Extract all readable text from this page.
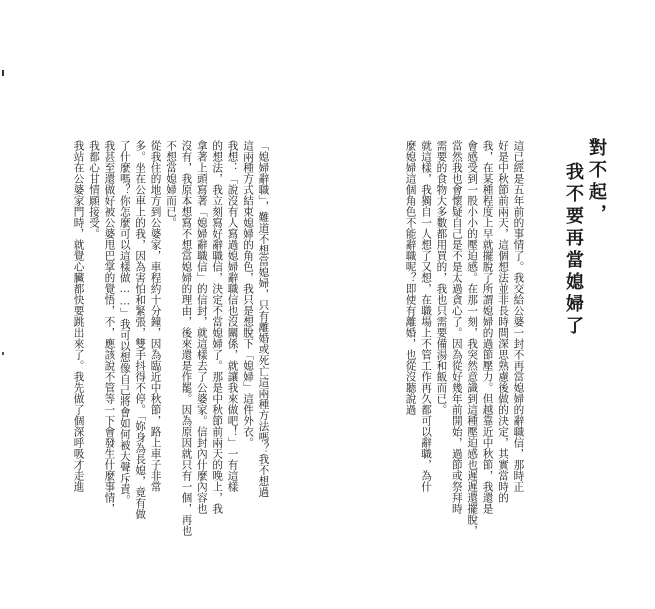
對不起，
我不要再當媳婦了
這已經是五年前的事情了。我交給公婆一封不再當媳婦的辭職信，那時正
好是中秋節前兩天，這個想法並非長時間深思熟慮後做的決定，其實當時的
我，在某種程度上早就擺脫了所謂媳婦的過節壓力。但越靠近中秋節，我還是
會感受到一股小小的壓迫感。在那一刻，我突然意識到這種壓迫感也遲遲還擺脫，
當然我也會懷疑自己是不是太過貪心了。因為從好幾年前開始，過節或祭拜時
需要的食物大多數都用買的，我也只需要備湯和飯而已。
就這樣，我獨自一人想了又想，在職場上不管工作再久都可以辭職，為什
麼媳婦這個角色不能辭職呢？即使有離婚，也從沒聽說過
「媳婦辭職」，難道不想當媳婦，只有離婚或死亡這兩種方法嗎？我不想過
這兩種方式結束媳婦的角色，我只是想脫下「媳婦」這件外衣。
我想：「說沒有人寫過媳婦辭職信也沒關係，就讓我來做吧！」一有這樣
的想法，我立刻寫好辭職信，決定不當媳婦了。那是中秋節前兩天的晚上，我
拿著上頭寫著「媳婦辭職信」的信封，就這樣去了公婆家。信封內什麼內容也
沒有，我原本想寫不想當媳婦的理由，後來還是作罷。因為原因就只有一個，再也
不想當媳婦而已。
從我住的地方到公婆家，車程約十分鐘，因為臨近中秋節，路上車子非常
多。坐在公車上的我，因為害怕和緊張，雙手抖得不停。「妳身為長媳，竟有做
了什麼嗎？你怎麼可以這樣做……」我可以想像自己將會如何被大聲斥責。
我甚至還做好被公婆甩巴掌的覺悟，不，應該說不管等一下會發生什麼事情，
我都心甘情願接受。
我站在公婆家門時，就覺心臟都快要跳出來了。我先做了個深呼吸才走進
